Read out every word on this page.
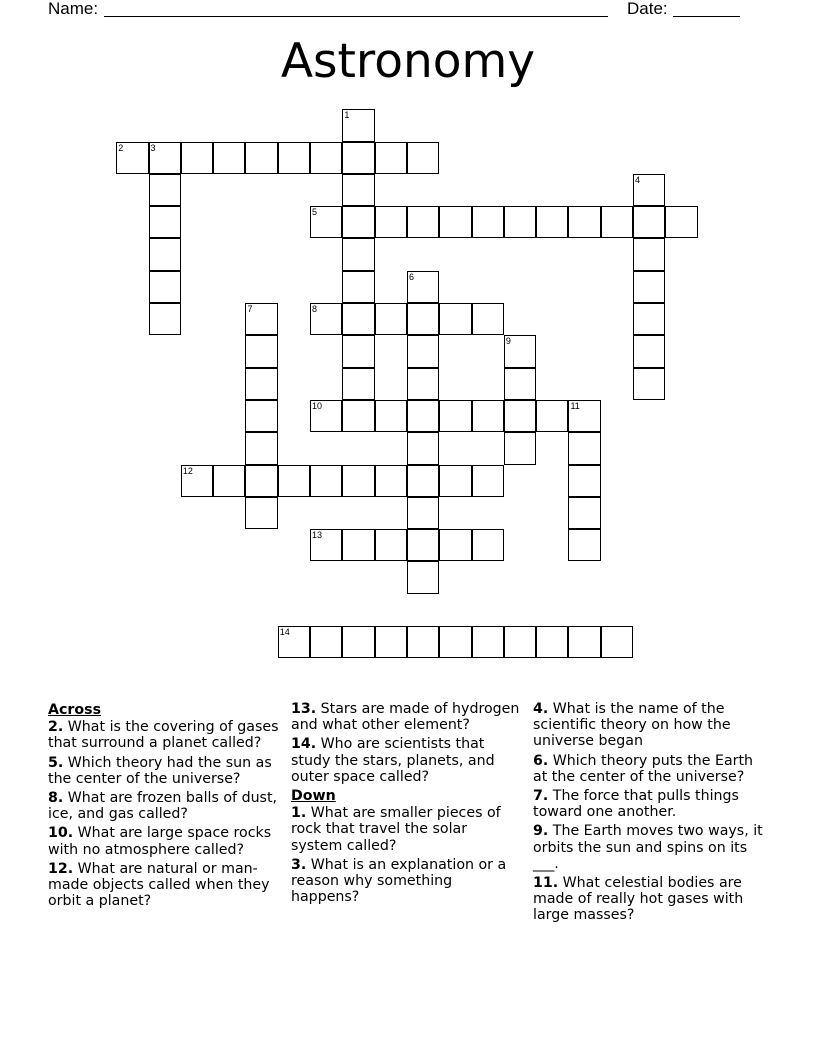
Name:	Date:
Astronomy
1
2	3
4
5
6
7	8
9
10	11
12
13
14
Across
2. What is the covering of gases that surround a planet called?
5. Which theory had the sun as the center of the universe?
8. What are frozen balls of dust, ice, and gas called?
10. What are large space rocks with no atmosphere called?
12. What are natural or man-made objects called when they orbit a planet?
13. Stars are made of hydrogen and what other element?
14. Who are scientists that study the stars, planets, and outer space called?
Down
1. What are smaller pieces of rock that travel the solar system called?
3. What is an explanation or a reason why something happens?
4. What is the name of the scientific theory on how the universe began
6. Which theory puts the Earth at the center of the universe?
7. The force that pulls things toward one another.
9. The Earth moves two ways, it orbits the sun and spins on its ___.
11. What celestial bodies are made of really hot gases with large masses?
